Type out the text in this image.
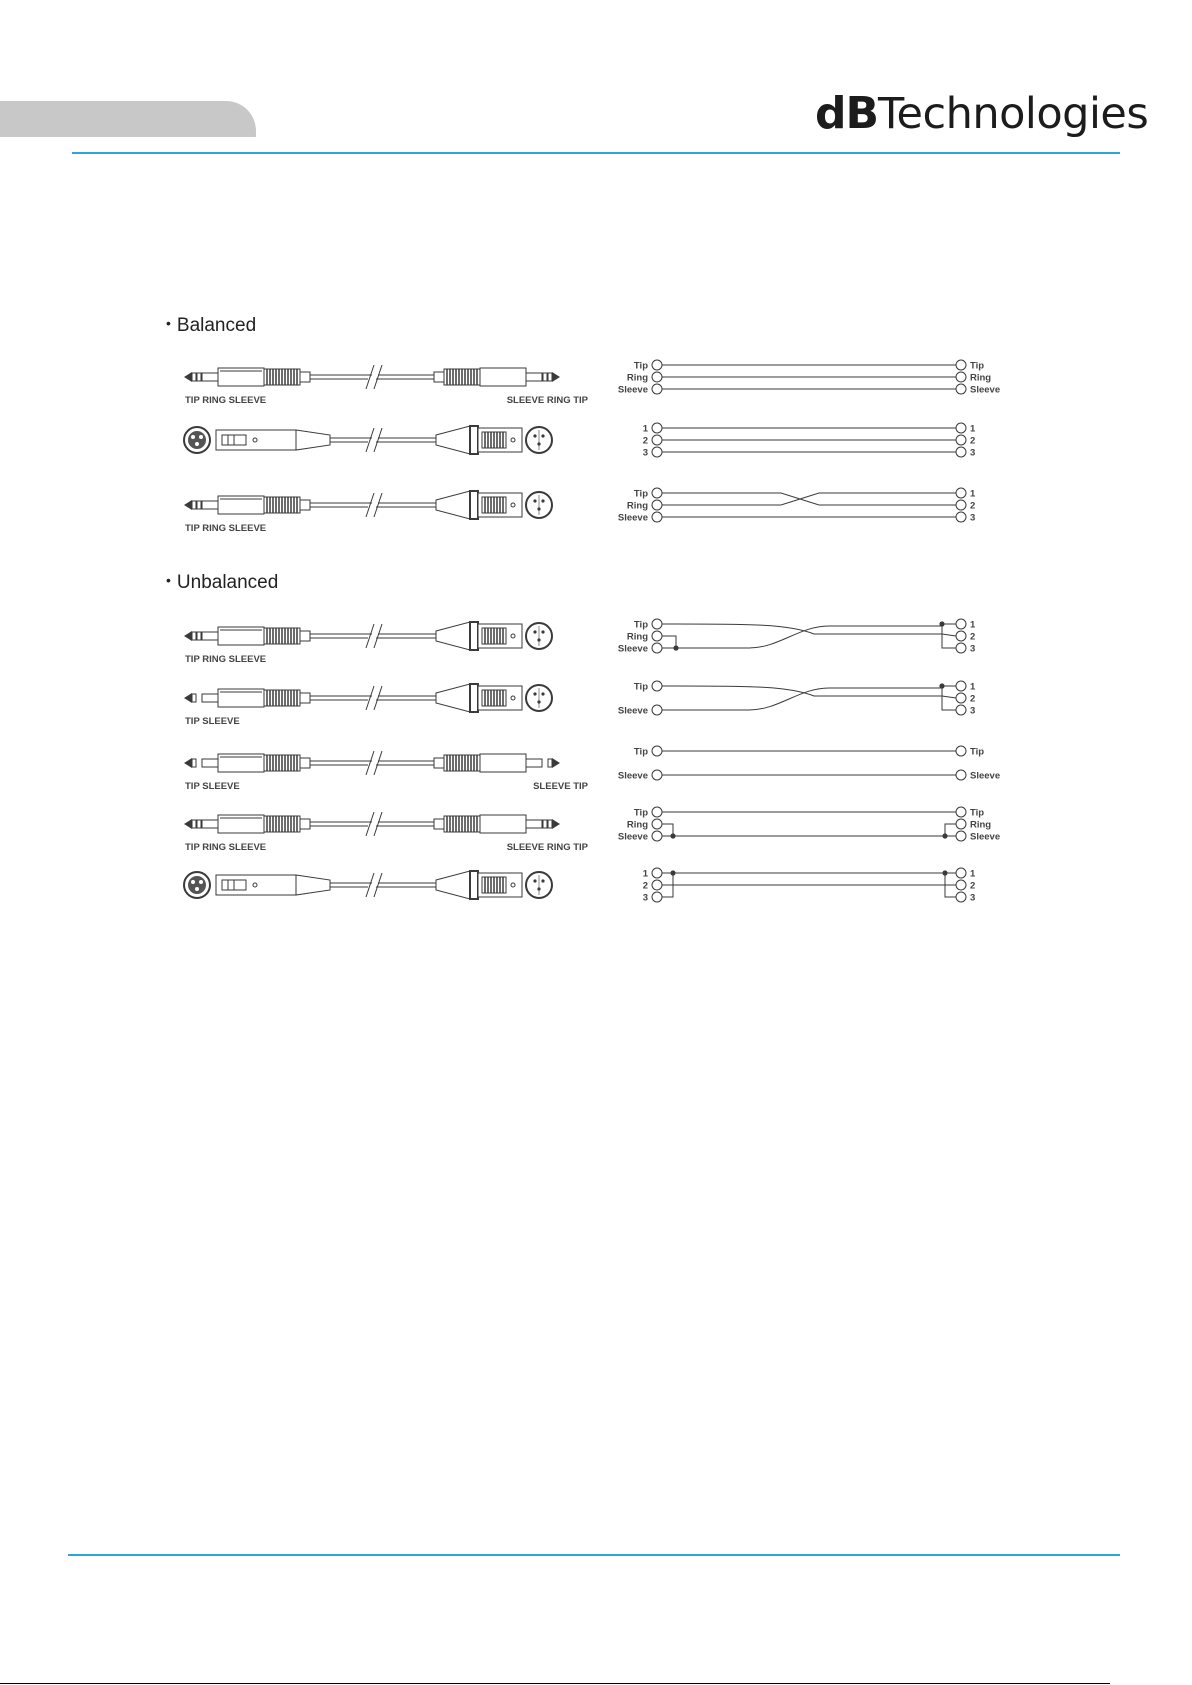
dB Technologies
• Balanced
• Unbalanced
TIP RING SLEEVE	SLEEVE RING TIP
Tip
Ring
Sleeve
Tip
Ring
Sleeve
1
2
3
1
2
3
TIP RING SLEEVE
Tip
Ring
Sleeve
1
2
3
TIP RING SLEEVE
Tip
Ring
Sleeve
1
2
3
TIP SLEEVE
Tip
Sleeve
1
2
3
TIP SLEEVE	SLEEVE TIP
Tip
Sleeve
Tip
Sleeve
TIP RING SLEEVE	SLEEVE RING TIP
Tip
Ring
Sleeve
Tip
Ring
Sleeve
1
2
3
1
2
3
